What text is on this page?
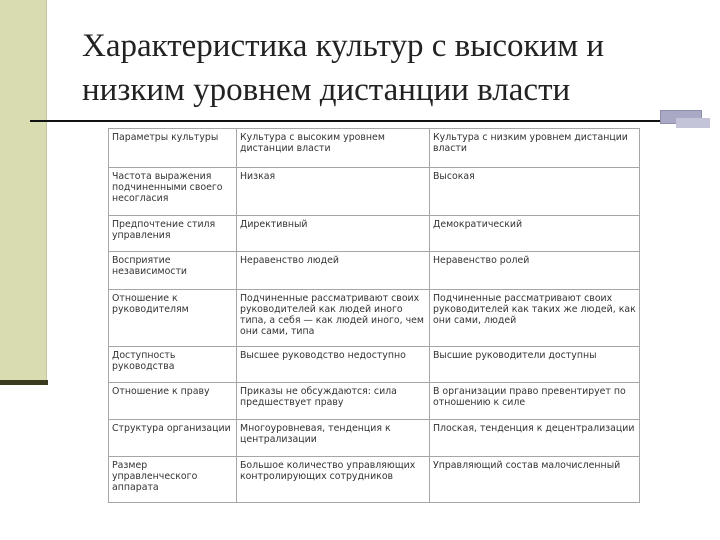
Характеристика культур с высоким и низким уровнем дистанции власти
Параметры культуры	Культура с высоким уровнем дистанции власти	Культура с низким уровнем дистанции власти
Частота выражения подчиненными своего несогласия	Низкая	Высокая
Предпочтение стиля управления	Директивный	Демократический
Восприятие независимости	Неравенство людей	Неравенство ролей
Отношение к руководителям	Подчиненные рассматривают своих руководителей как людей иного типа, а себя — как людей иного, чем они сами, типа	Подчиненные рассматривают своих руководителей как таких же людей, как они сами, людей
Доступность руководства	Высшее руководство недоступно	Высшие руководители доступны
Отношение к праву	Приказы не обсуждаются: сила предшествует праву	В организации право превентирует по отношению к силе
Структура организации	Многоуровневая, тенденция к централизации	Плоская, тенденция к децентрализации
Размер управленческого аппарата	Большое количество управляющих контролирующих сотрудников	Управляющий состав малочисленный
